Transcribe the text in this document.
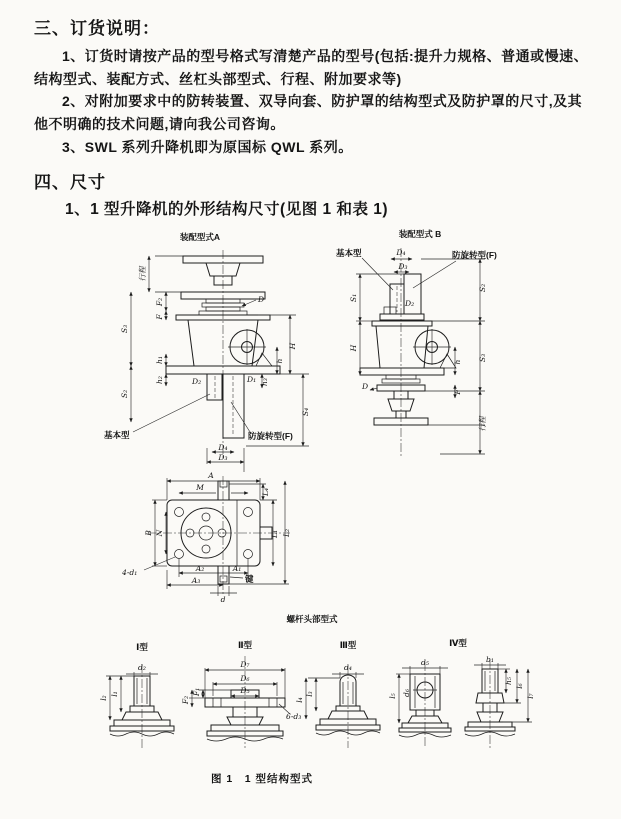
三、订货说明：

1、订货时请按产品的型号格式写清楚产品的型号(包括:提升力规格、普通或慢速、结构型式、装配方式、丝杠头部型式、行程、附加要求等)

2、对附加要求中的防转装置、双导向套、防护罩的结构型式及防护罩的尺寸,及其他不明确的技术问题,请向我公司咨询。

3、SWL 系列升降机即为原国标 QWL 系列。

四、尺寸
1、1 型升降机的外形结构尺寸(见图 1 和表 1)
装配型式A
行程
F₂
F
S₃
h₁
S₂
h₂
D
H
h
h₃
S₄
D₂	D₁
D₄
D₃
基本型	防旋转型(F)
装配型式 B
基本型	防旋转型(F)
D₄
D₃
D₂
S₁
H
D
S₂
h S₃
F
行程
A
M	L₄
B N	L₁ L₂
4-d₁	A₂	A₁
A₃
d
键
螺杆头部型式
Ⅰ型
d₂
l₂
l₁
Ⅱ型
D₇
D₆
D₅
F₁
F₂
6-d₃
Ⅲ型
d₄
l₃
l₄
Ⅳ型
d₅
d₆
l₅
b₁
h₅
l₆
l₇
图 1　1 型结构型式
